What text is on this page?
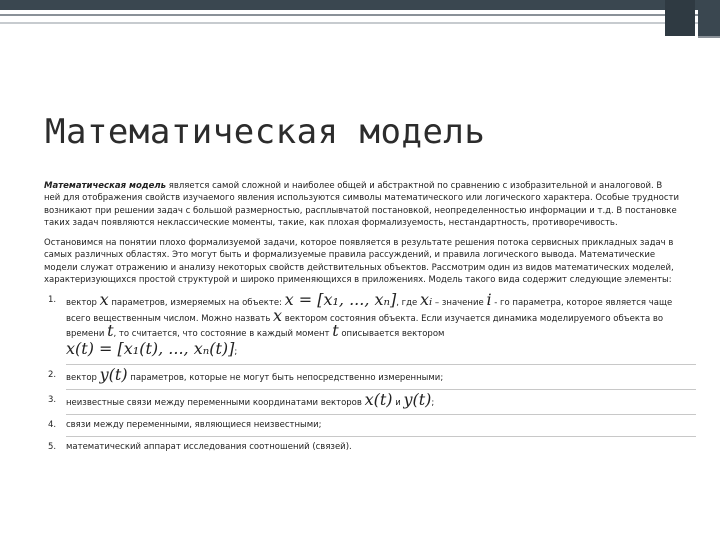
Математическая модель

Математическая модель является самой сложной и наиболее общей и абстрактной по сравнению с изобразительной и аналоговой. В ней для отображения свойств изучаемого явления используются символы математического или логического характера. Особые трудности возникают при решении задач с большой размерностью, расплывчатой постановкой, неопределенностью информации и т.д. В постановке таких задач появляются неклассические моменты, такие, как плохая формализуемость, нестандартность, противоречивость.

Остановимся на понятии плохо формализуемой задачи, которое появляется в результате решения потока сервисных прикладных задач в самых различных областях. Это могут быть и формализуемые правила рассуждений, и правила логического вывода. Математические модели служат отражению и анализу некоторых свойств действительных объектов. Рассмотрим один из видов математических моделей, характеризующихся простой структурой и широко применяющихся в приложениях. Модель такого вида содержит следующие элементы:

1. вектор x параметров, измеряемых на объекте: x = [x₁, ..., xₙ], где xᵢ – значение i - го параметра, которое является чаще всего вещественным числом. Можно назвать x вектором состояния объекта. Если изучается динамика моделируемого объекта во времени t, то считается, что состояние в каждый момент t описывается вектором
x(t) = [x₁(t), ..., xₙ(t)];
2. вектор y(t) параметров, которые не могут быть непосредственно измеренными;
3. неизвестные связи между переменными координатами векторов x(t) и y(t);
4. связи между переменными, являющиеся неизвестными;
5. математический аппарат исследования соотношений (связей).
